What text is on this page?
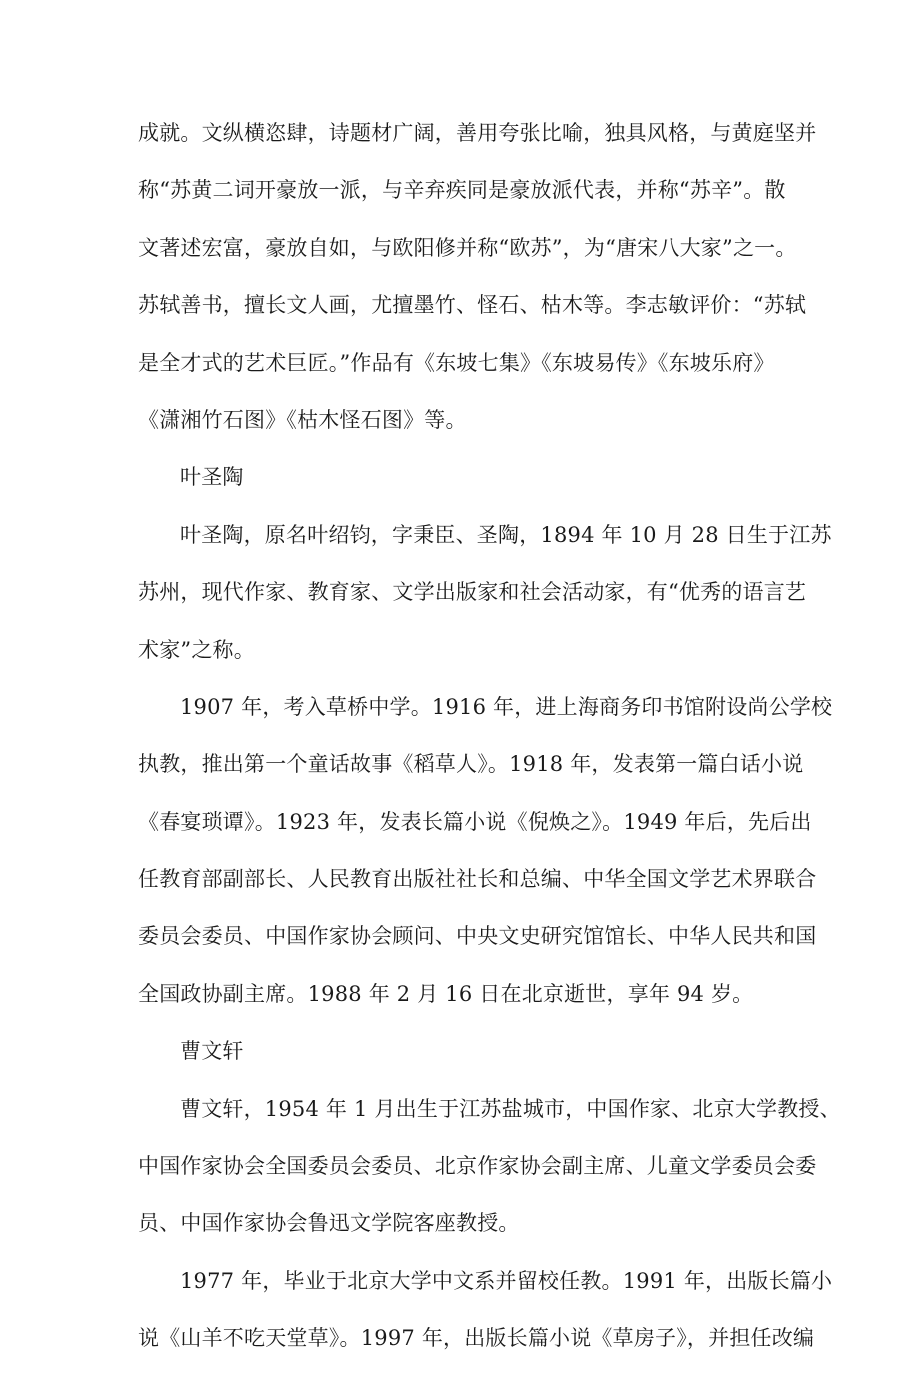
成就。文纵横恣肆，诗题材广阔，善用夸张比喻，独具风格，与黄庭坚并
称“苏黄二词开豪放一派，与辛弃疾同是豪放派代表，并称“苏辛”。散
文著述宏富，豪放自如，与欧阳修并称“欧苏”，为“唐宋八大家”之一。
苏轼善书，擅长文人画，尤擅墨竹、怪石、枯木等。李志敏评价：“苏轼
是全才式的艺术巨匠。”作品有《东坡七集》《东坡易传》《东坡乐府》
《潇湘竹石图》《枯木怪石图》等。
叶圣陶
叶圣陶，原名叶绍钧，字秉臣、圣陶，1894 年 10 月 28 日生于江苏
苏州，现代作家、教育家、文学出版家和社会活动家，有“优秀的语言艺
术家”之称。
1907 年，考入草桥中学。1916 年，进上海商务印书馆附设尚公学校
执教，推出第一个童话故事《稻草人》。1918 年，发表第一篇白话小说
《春宴琐谭》。1923 年，发表长篇小说《倪焕之》。1949 年后，先后出
任教育部副部长、人民教育出版社社长和总编、中华全国文学艺术界联合
委员会委员、中国作家协会顾问、中央文史研究馆馆长、中华人民共和国
全国政协副主席。1988 年 2 月 16 日在北京逝世，享年 94 岁。
曹文轩
曹文轩，1954 年 1 月出生于江苏盐城市，中国作家、北京大学教授、
中国作家协会全国委员会委员、北京作家协会副主席、儿童文学委员会委
员、中国作家协会鲁迅文学院客座教授。
1977 年，毕业于北京大学中文系并留校任教。1991 年，出版长篇小
说《山羊不吃天堂草》。1997 年，出版长篇小说《草房子》，并担任改编
